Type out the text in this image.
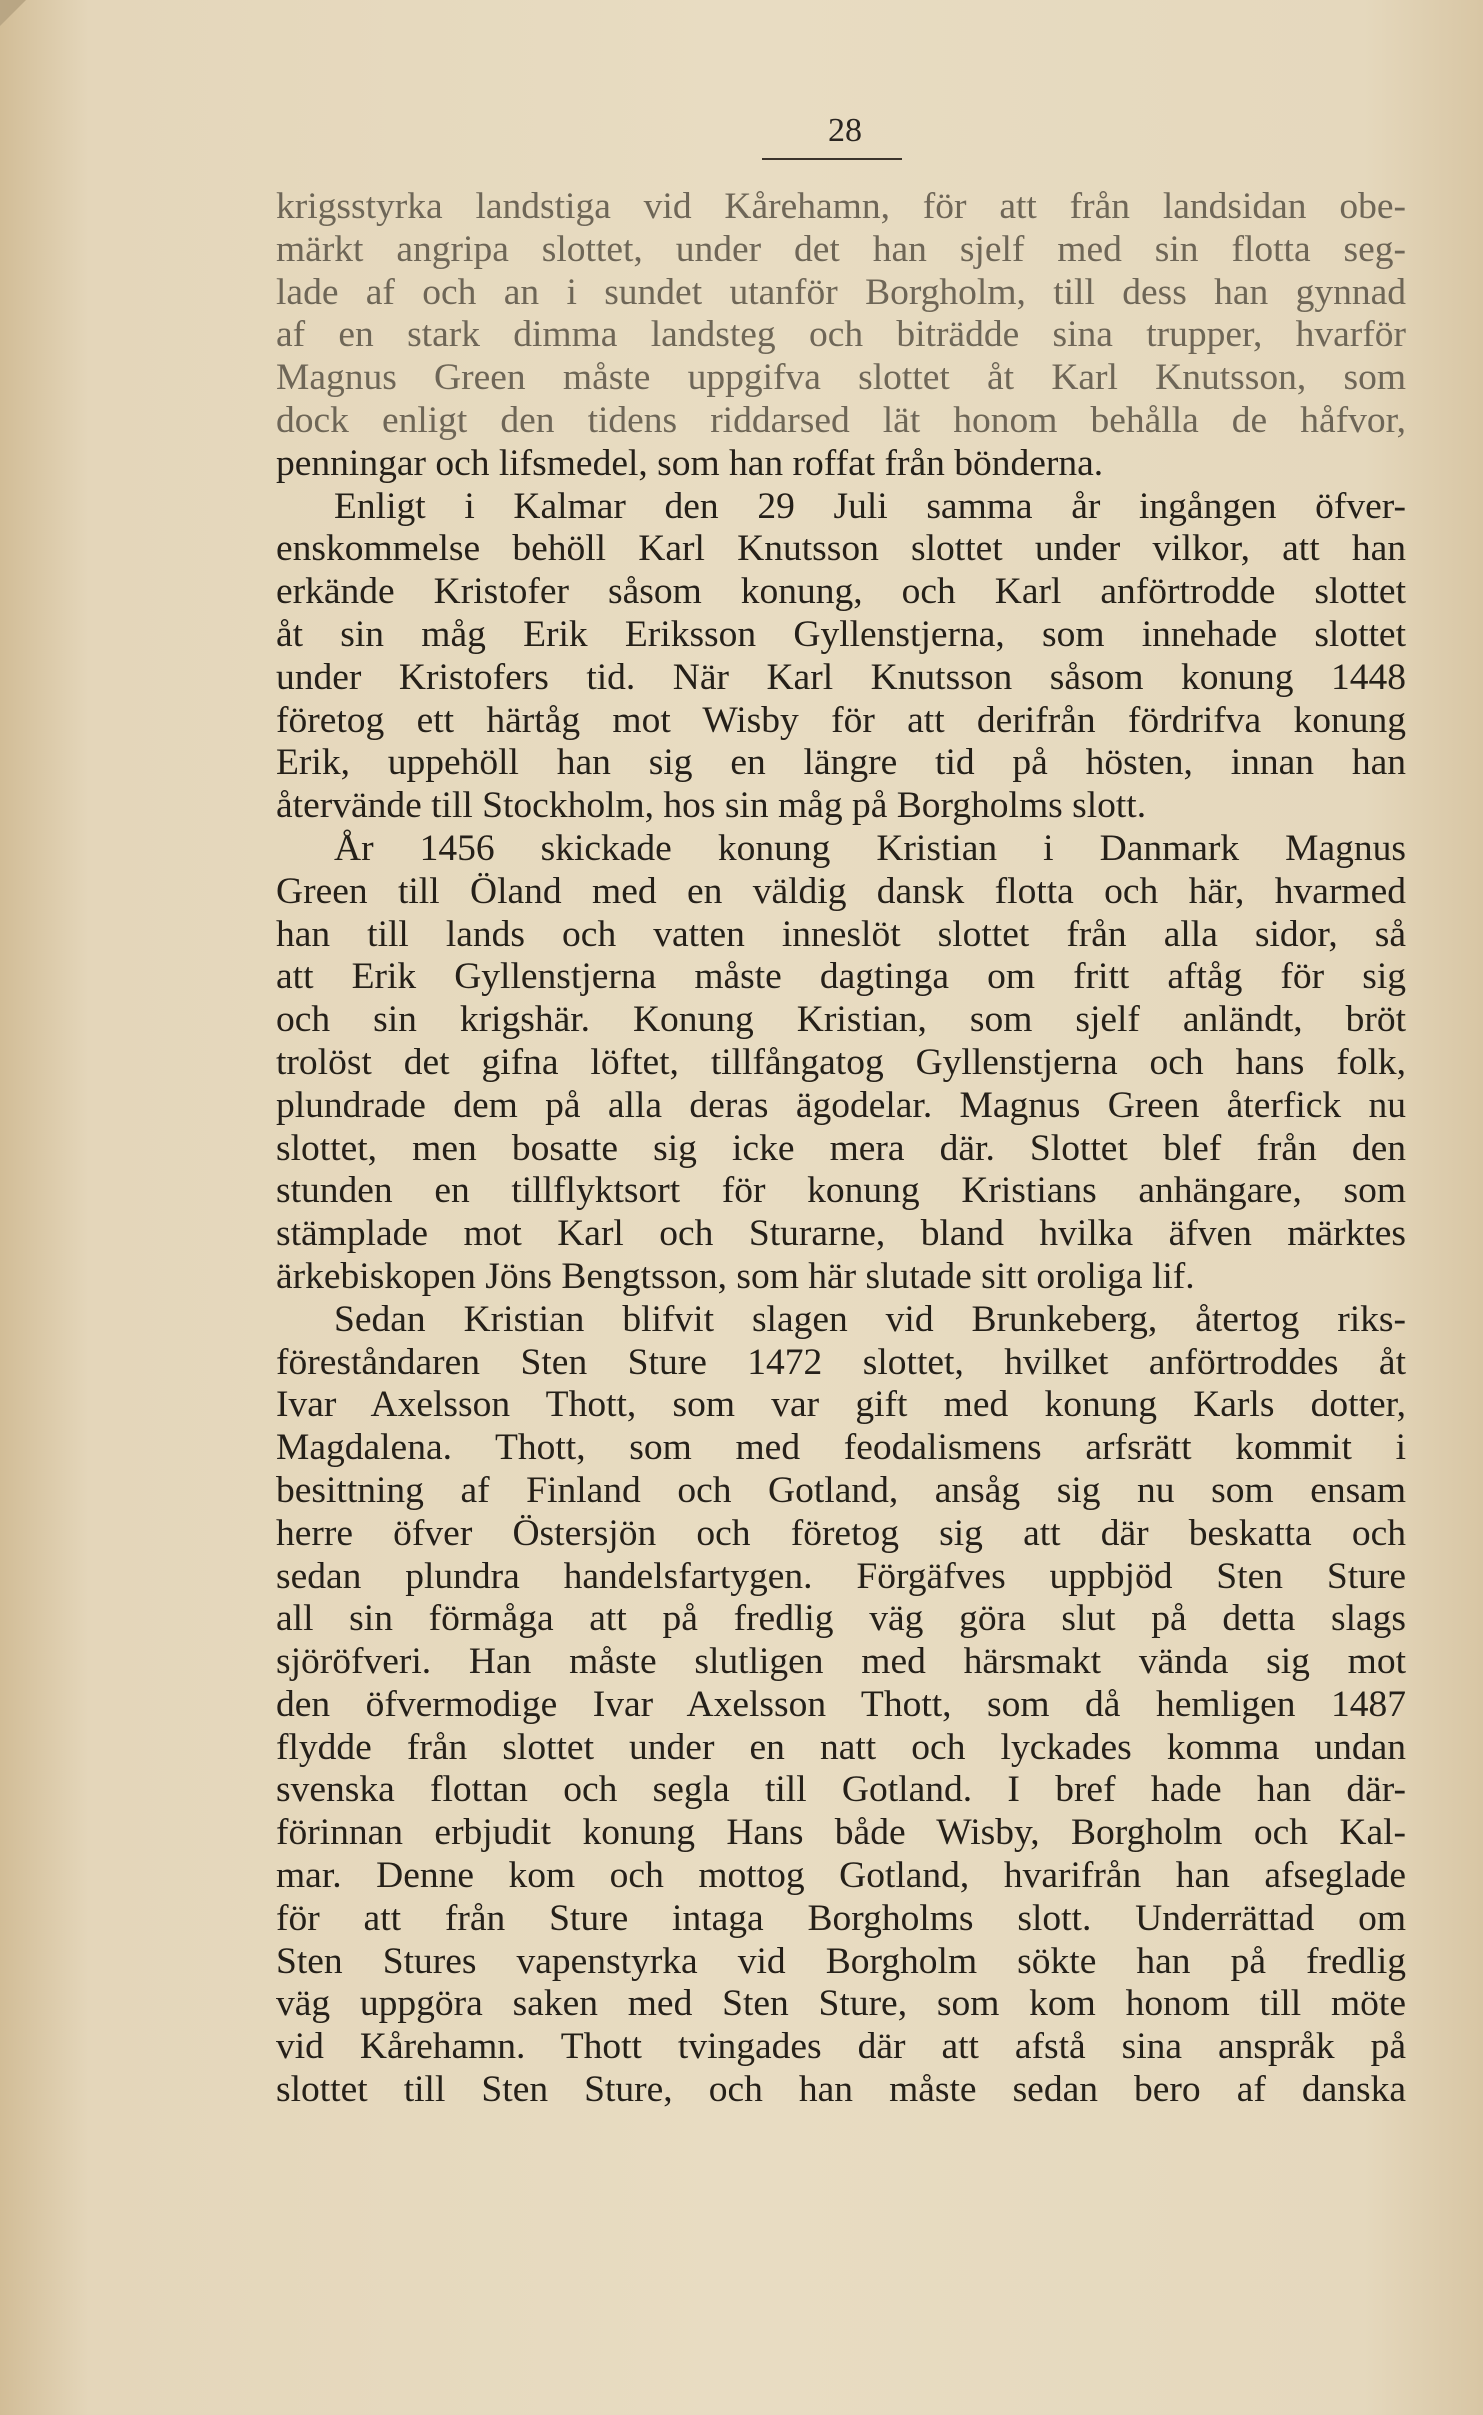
28
krigsstyrka landstiga vid Kårehamn, för att från landsidan obe-
märkt angripa slottet, under det han sjelf med sin flotta seg-
lade af och an i sundet utanför Borgholm, till dess han gynnad
af en stark dimma landsteg och biträdde sina trupper, hvarför
Magnus Green måste uppgifva slottet åt Karl Knutsson, som
dock enligt den tidens riddarsed lät honom behålla de håfvor,
penningar och lifsmedel, som han roffat från bönderna.
Enligt i Kalmar den 29 Juli samma år ingången öfver-
enskommelse behöll Karl Knutsson slottet under vilkor, att han
erkände Kristofer såsom konung, och Karl anförtrodde slottet
åt sin måg Erik Eriksson Gyllenstjerna, som innehade slottet
under Kristofers tid. När Karl Knutsson såsom konung 1448
företog ett härtåg mot Wisby för att derifrån fördrifva konung
Erik, uppehöll han sig en längre tid på hösten, innan han
återvände till Stockholm, hos sin måg på Borgholms slott.
År 1456 skickade konung Kristian i Danmark Magnus
Green till Öland med en väldig dansk flotta och här, hvarmed
han till lands och vatten inneslöt slottet från alla sidor, så
att Erik Gyllenstjerna måste dagtinga om fritt aftåg för sig
och sin krigshär. Konung Kristian, som sjelf anländt, bröt
trolöst det gifna löftet, tillfångatog Gyllenstjerna och hans folk,
plundrade dem på alla deras ägodelar. Magnus Green återfick nu
slottet, men bosatte sig icke mera där. Slottet blef från den
stunden en tillflyktsort för konung Kristians anhängare, som
stämplade mot Karl och Sturarne, bland hvilka äfven märktes
ärkebiskopen Jöns Bengtsson, som här slutade sitt oroliga lif.
Sedan Kristian blifvit slagen vid Brunkeberg, återtog riks-
föreståndaren Sten Sture 1472 slottet, hvilket anförtroddes åt
Ivar Axelsson Thott, som var gift med konung Karls dotter,
Magdalena. Thott, som med feodalismens arfsrätt kommit i
besittning af Finland och Gotland, ansåg sig nu som ensam
herre öfver Östersjön och företog sig att där beskatta och
sedan plundra handelsfartygen. Förgäfves uppbjöd Sten Sture
all sin förmåga att på fredlig väg göra slut på detta slags
sjöröfveri. Han måste slutligen med härsmakt vända sig mot
den öfvermodige Ivar Axelsson Thott, som då hemligen 1487
flydde från slottet under en natt och lyckades komma undan
svenska flottan och segla till Gotland. I bref hade han där-
förinnan erbjudit konung Hans både Wisby, Borgholm och Kal-
mar. Denne kom och mottog Gotland, hvarifrån han afseglade
för att från Sture intaga Borgholms slott. Underrättad om
Sten Stures vapenstyrka vid Borgholm sökte han på fredlig
väg uppgöra saken med Sten Sture, som kom honom till möte
vid Kårehamn. Thott tvingades där att afstå sina anspråk på
slottet till Sten Sture, och han måste sedan bero af danska
